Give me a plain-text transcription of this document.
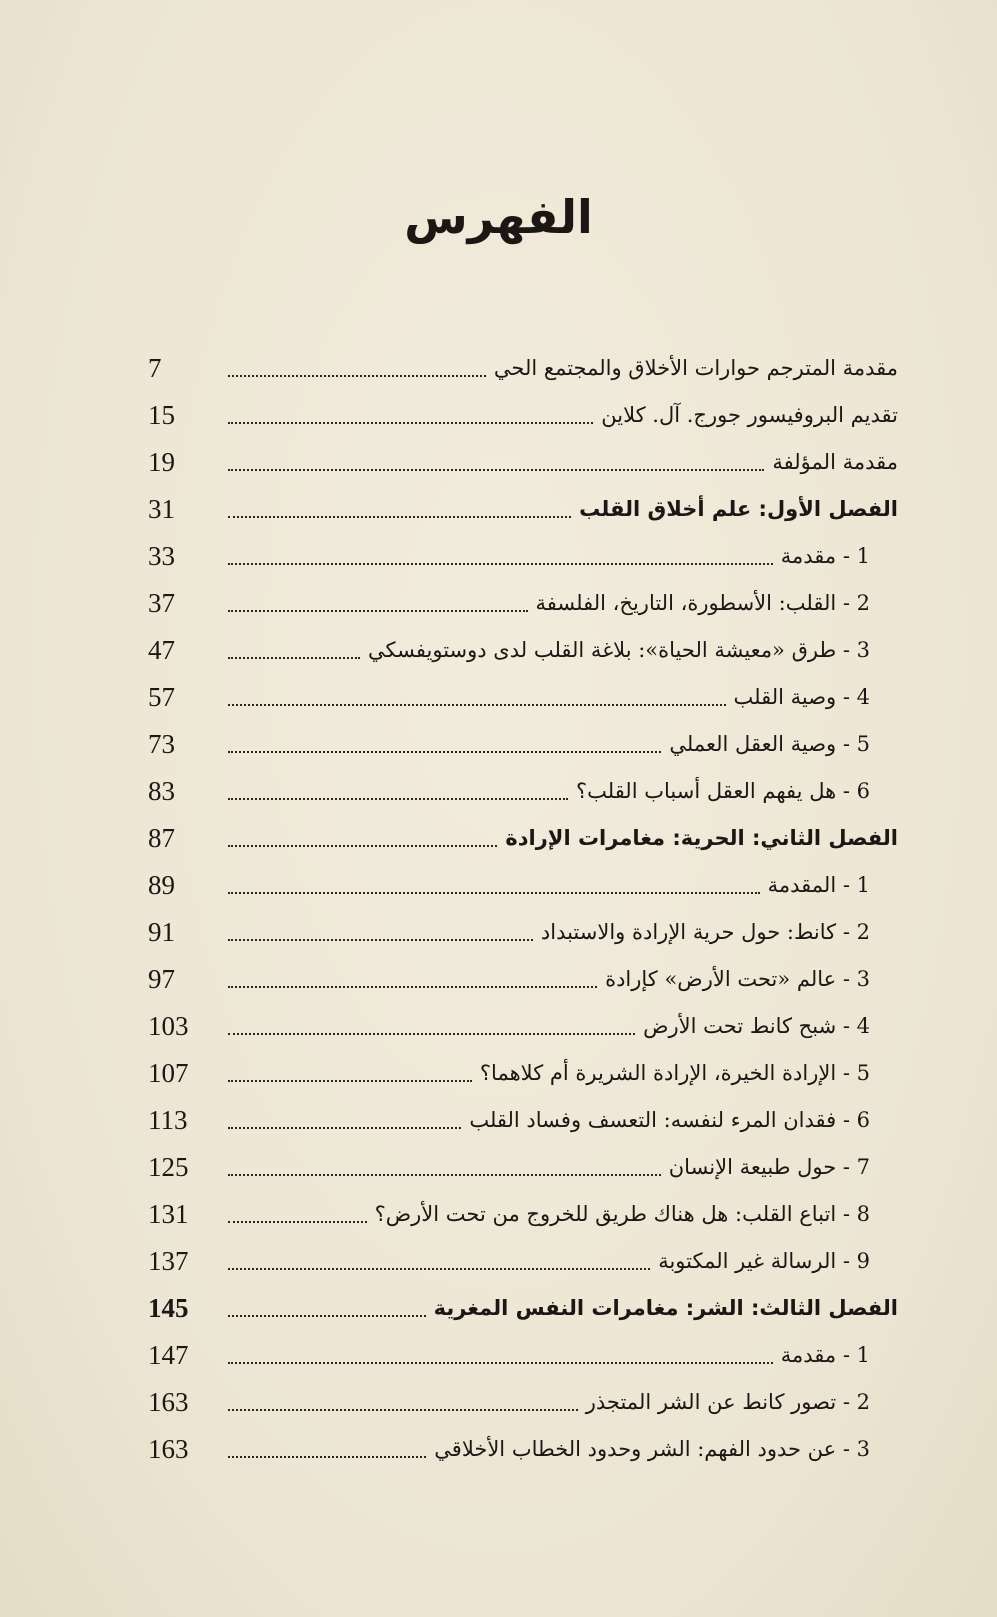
الفهرس
7	مقدمة المترجم حوارات الأخلاق والمجتمع الحي
15	تقديم البروفيسور جورج. آل. كلاين
19	مقدمة المؤلفة
31	الفصل الأول: علم أخلاق القلب
33	1 - مقدمة
37	2 - القلب: الأسطورة، التاريخ، الفلسفة
47	3 - طرق «معيشة الحياة»: بلاغة القلب لدى دوستويفسكي
57	4 - وصية القلب
73	5 - وصية العقل العملي
83	6 - هل يفهم العقل أسباب القلب؟
87	الفصل الثاني: الحرية: مغامرات الإرادة
89	1 - المقدمة
91	2 - كانط: حول حرية الإرادة والاستبداد
97	3 - عالم «تحت الأرض» كإرادة
103	4 - شبح كانط تحت الأرض
107	5 - الإرادة الخيرة، الإرادة الشريرة أم كلاهما؟
113	6 - فقدان المرء لنفسه: التعسف وفساد القلب
125	7 - حول طبيعة الإنسان
131	8 - اتباع القلب: هل هناك طريق للخروج من تحت الأرض؟
137	9 - الرسالة غير المكتوبة
145	الفصل الثالث: الشر: مغامرات النفس المغرية
147	1 - مقدمة
163	2 - تصور كانط عن الشر المتجذر
163	3 - عن حدود الفهم: الشر وحدود الخطاب الأخلاقي
